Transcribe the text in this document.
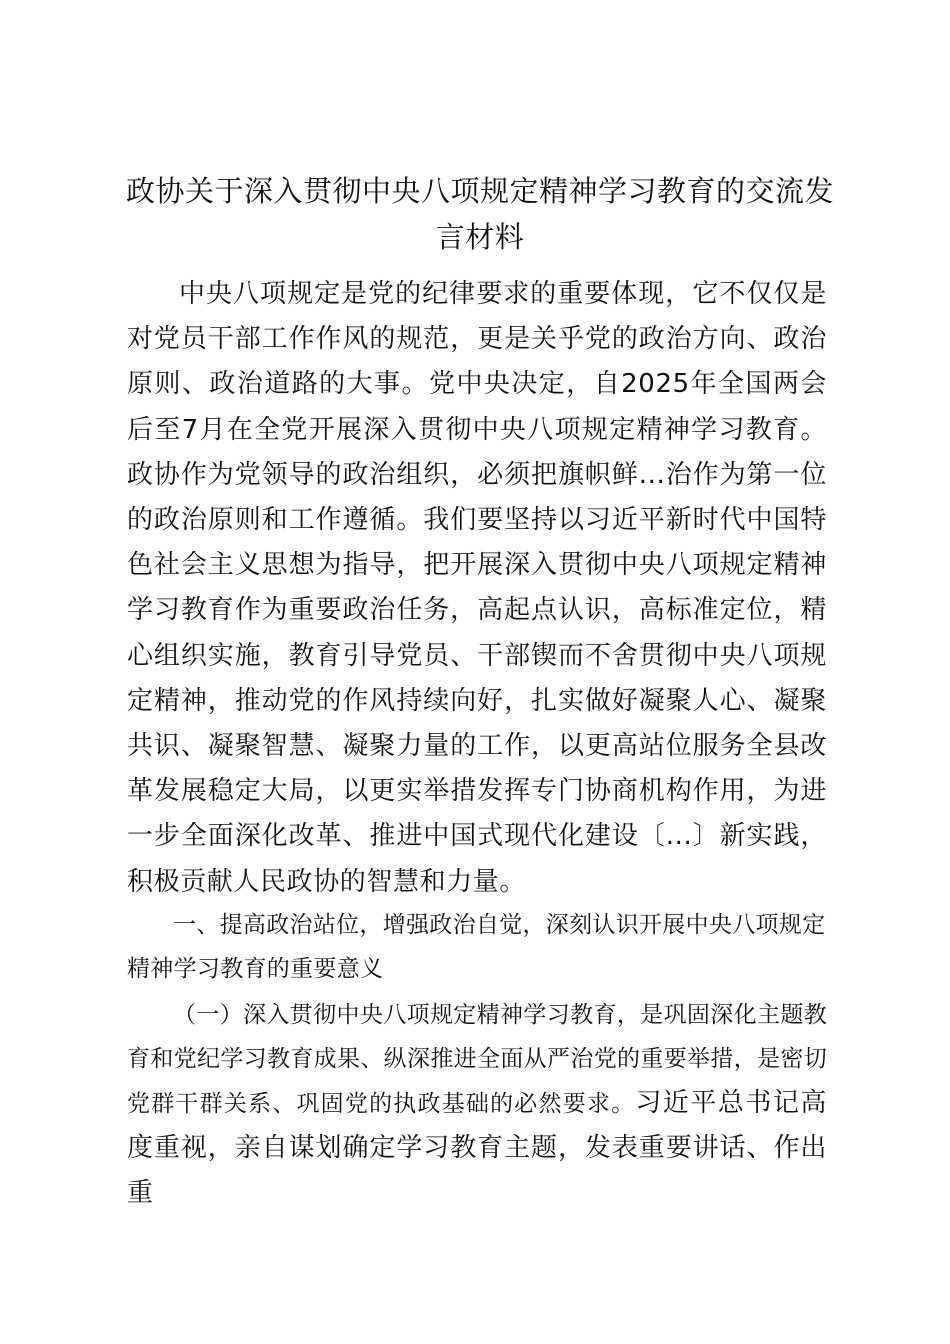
政协关于深入贯彻中央八项规定精神学习教育的交流发言材料

中央八项规定是党的纪律要求的重要体现，它不仅仅是对党员干部工作作风的规范，更是关乎党的政治方向、政治原则、政治道路的大事。党中央决定，自2025年全国两会后至7月在全党开展深入贯彻中央八项规定精神学习教育。政协作为党领导的政治组织，必须把旗帜鲜...治作为第一位的政治原则和工作遵循。我们要坚持以习近平新时代中国特色社会主义思想为指导，把开展深入贯彻中央八项规定精神学习教育作为重要政治任务，高起点认识，高标准定位，精心组织实施，教育引导党员、干部锲而不舍贯彻中央八项规定精神，推动党的作风持续向好，扎实做好凝聚人心、凝聚共识、凝聚智慧、凝聚力量的工作，以更高站位服务全县改革发展稳定大局，以更实举措发挥专门协商机构作用，为进一步全面深化改革、推进中国式现代化建设〔...〕新实践，积极贡献人民政协的智慧和力量。

一、提高政治站位，增强政治自觉，深刻认识开展中央八项规定精神学习教育的重要意义

（一）深入贯彻中央八项规定精神学习教育，是巩固深化主题教育和党纪学习教育成果、纵深推进全面从严治党的重要举措，是密切党群干群关系、巩固党的执政基础的必然要求。习近平总书记高度重视，亲自谋划确定学习教育主题，发表重要讲话、作出重
